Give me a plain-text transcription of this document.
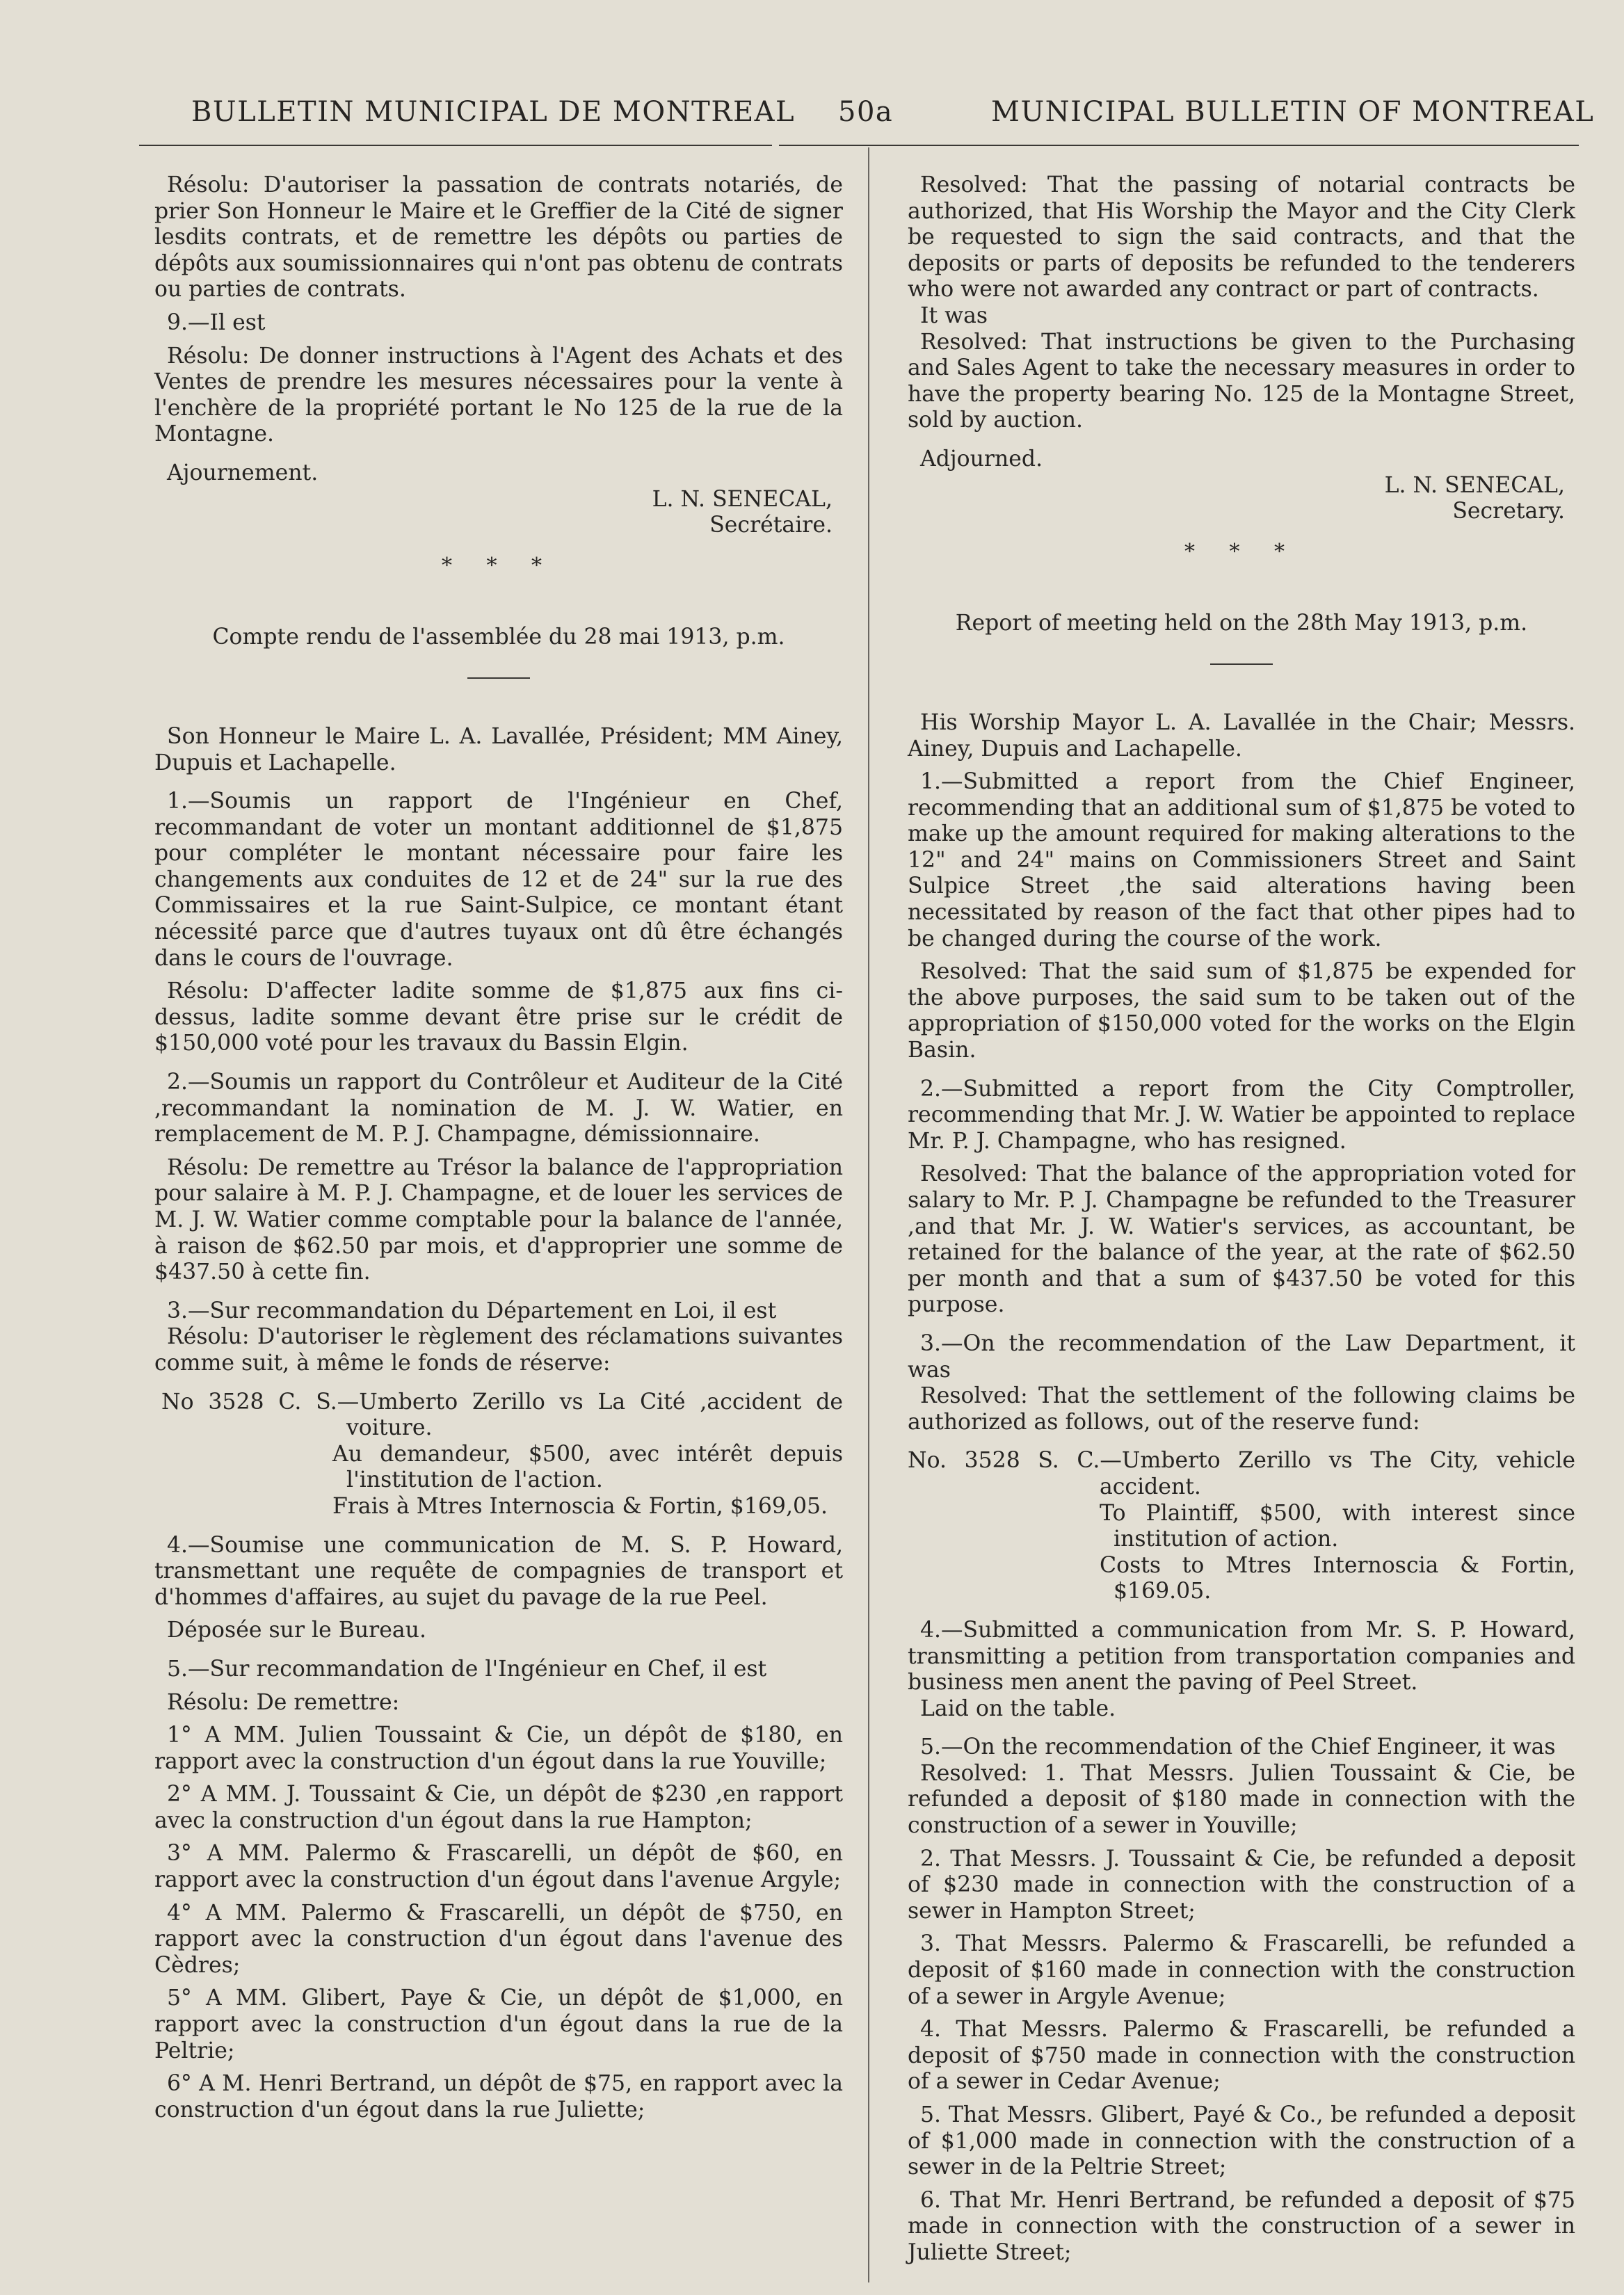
BULLETIN MUNICIPAL DE MONTREAL 50a	MUNICIPAL BULLETIN OF MONTREAL

Résolu: D'autoriser la passation de contrats notariés, de prier Son Honneur le Maire et le Greffier de la Cité de signer lesdits contrats, et de remettre les dépôts ou parties de dépôts aux soumissionnaires qui n'ont pas obtenu de contrats ou parties de contrats.

9.—Il est

Résolu: De donner instructions à l'Agent des Achats et des Ventes de prendre les mesures nécessaires pour la vente à l'enchère de la propriété portant le No 125 de la rue de la Montagne.

Ajournement.

L. N. SENECAL,

Secrétaire.

* * *

Compte rendu de l'assemblée du 28 mai 1913, p.m.

Son Honneur le Maire L. A. Lavallée, Président; MM Ainey, Dupuis et Lachapelle.

1.—Soumis un rapport de l'Ingénieur en Chef, recommandant de voter un montant additionnel de $1,875 pour compléter le montant nécessaire pour faire les changements aux conduites de 12 et de 24" sur la rue des Commissaires et la rue Saint-Sulpice, ce montant étant nécessité parce que d'autres tuyaux ont dû être échangés dans le cours de l'ouvrage.

Résolu: D'affecter ladite somme de $1,875 aux fins ci-dessus, ladite somme devant être prise sur le crédit de $150,000 voté pour les travaux du Bassin Elgin.

2.—Soumis un rapport du Contrôleur et Auditeur de la Cité ,recommandant la nomination de M. J. W. Watier, en remplacement de M. P. J. Champagne, démissionnaire.

Résolu: De remettre au Trésor la balance de l'appropriation pour salaire à M. P. J. Champagne, et de louer les services de M. J. W. Watier comme comptable pour la balance de l'année, à raison de $62.50 par mois, et d'approprier une somme de $437.50 à cette fin.

3.—Sur recommandation du Département en Loi, il est

Résolu: D'autoriser le règlement des réclamations suivantes comme suit, à même le fonds de réserve:

No 3528 C. S.—Umberto Zerillo vs La Cité ,accident de voiture.

Au demandeur, $500, avec intérêt depuis l'institution de l'action.

Frais à Mtres Internoscia & Fortin, $169,05.

4.—Soumise une communication de M. S. P. Howard, transmettant une requête de compagnies de transport et d'hommes d'affaires, au sujet du pavage de la rue Peel.

Déposée sur le Bureau.

5.—Sur recommandation de l'Ingénieur en Chef, il est

Résolu: De remettre:

1° A MM. Julien Toussaint & Cie, un dépôt de $180, en rapport avec la construction d'un égout dans la rue Youville;

2° A MM. J. Toussaint & Cie, un dépôt de $230 ,en rapport avec la construction d'un égout dans la rue Hampton;

3° A MM. Palermo & Frascarelli, un dépôt de $60, en rapport avec la construction d'un égout dans l'avenue Argyle;

4° A MM. Palermo & Frascarelli, un dépôt de $750, en rapport avec la construction d'un égout dans l'avenue des Cèdres;

5° A MM. Glibert, Paye & Cie, un dépôt de $1,000, en rapport avec la construction d'un égout dans la rue de la Peltrie;

6° A M. Henri Bertrand, un dépôt de $75, en rapport avec la construction d'un égout dans la rue Juliette;

Resolved: That the passing of notarial contracts be authorized, that His Worship the Mayor and the City Clerk be requested to sign the said contracts, and that the deposits or parts of deposits be refunded to the tenderers who were not awarded any contract or part of contracts.

It was

Resolved: That instructions be given to the Purchasing and Sales Agent to take the necessary measures in order to have the property bearing No. 125 de la Montagne Street, sold by auction.

Adjourned.

L. N. SENECAL,

Secretary.

* * *

Report of meeting held on the 28th May 1913, p.m.

His Worship Mayor L. A. Lavallée in the Chair; Messrs. Ainey, Dupuis and Lachapelle.

1.—Submitted a report from the Chief Engineer, recommending that an additional sum of $1,875 be voted to make up the amount required for making alterations to the 12" and 24" mains on Commissioners Street and Saint Sulpice Street ,the said alterations having been necessitated by reason of the fact that other pipes had to be changed during the course of the work.

Resolved: That the said sum of $1,875 be expended for the above purposes, the said sum to be taken out of the appropriation of $150,000 voted for the works on the Elgin Basin.

2.—Submitted a report from the City Comptroller, recommending that Mr. J. W. Watier be appointed to replace Mr. P. J. Champagne, who has resigned.

Resolved: That the balance of the appropriation voted for salary to Mr. P. J. Champagne be refunded to the Treasurer ,and that Mr. J. W. Watier's services, as accountant, be retained for the balance of the year, at the rate of $62.50 per month and that a sum of $437.50 be voted for this purpose.

3.—On the recommendation of the Law Department, it was

Resolved: That the settlement of the following claims be authorized as follows, out of the reserve fund:

No. 3528 S. C.—Umberto Zerillo vs The City, vehicle accident.

To Plaintiff, $500, with interest since institution of action.

Costs to Mtres Internoscia & Fortin, $169.05.

4.—Submitted a communication from Mr. S. P. Howard, transmitting a petition from transportation companies and business men anent the paving of Peel Street.

Laid on the table.

5.—On the recommendation of the Chief Engineer, it was

Resolved: 1. That Messrs. Julien Toussaint & Cie, be refunded a deposit of $180 made in connection with the construction of a sewer in Youville;

2. That Messrs. J. Toussaint & Cie, be refunded a deposit of $230 made in connection with the construction of a sewer in Hampton Street;

3. That Messrs. Palermo & Frascarelli, be refunded a deposit of $160 made in connection with the construction of a sewer in Argyle Avenue;

4. That Messrs. Palermo & Frascarelli, be refunded a deposit of $750 made in connection with the construction of a sewer in Cedar Avenue;

5. That Messrs. Glibert, Payé & Co., be refunded a deposit of $1,000 made in connection with the construction of a sewer in de la Peltrie Street;

6. That Mr. Henri Bertrand, be refunded a deposit of $75 made in connection with the construction of a sewer in Juliette Street;
